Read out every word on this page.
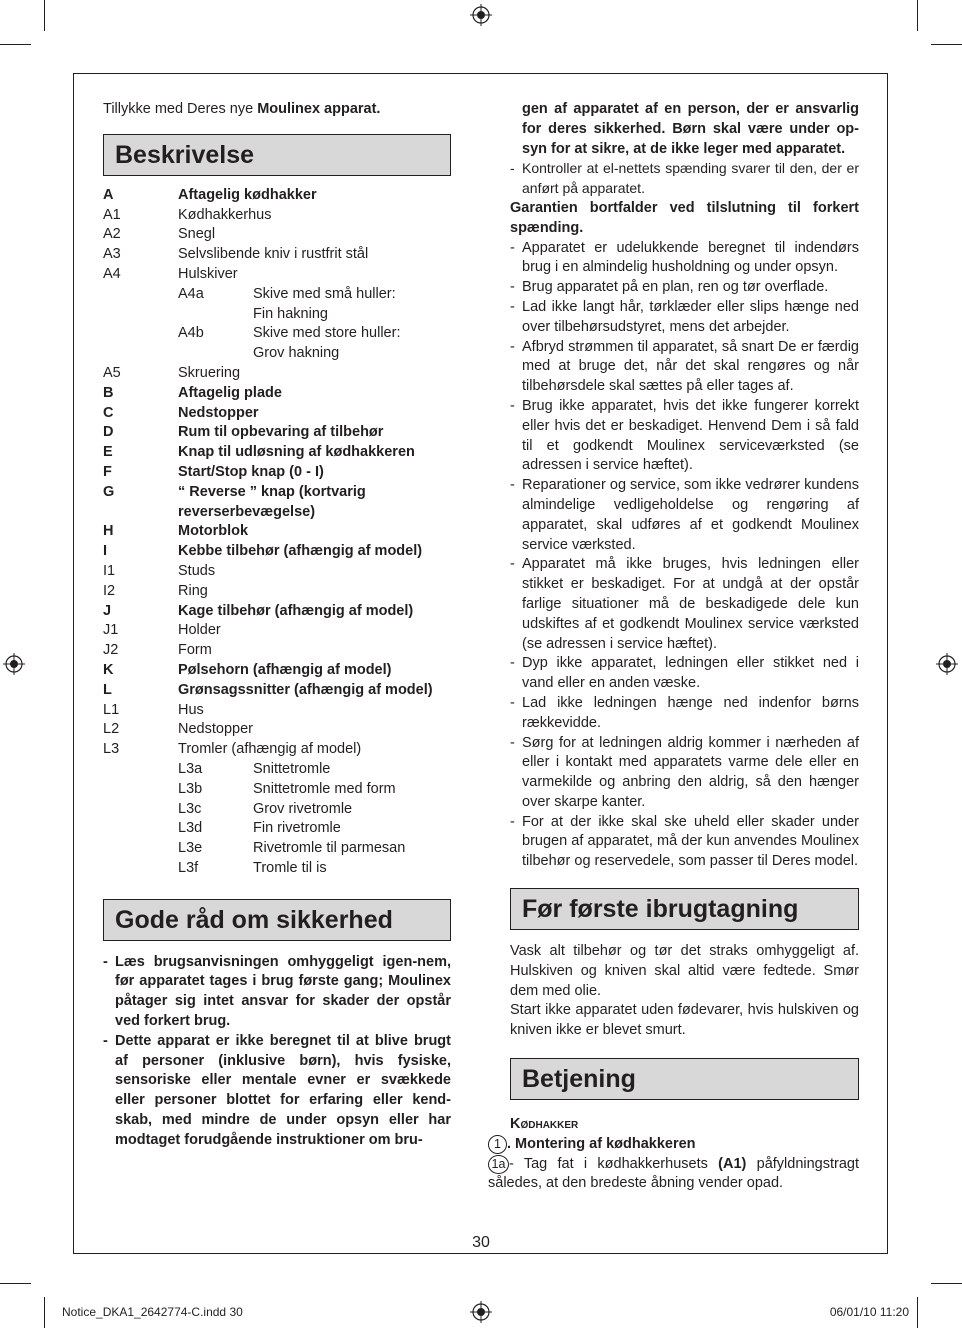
Tillykke med Deres nye Moulinex apparat.

Beskrivelse
A	Aftagelig kødhakker	
A1	Kødhakkerhus	
A2	Snegl	
A3	Selvslibende kniv i rustfrit stål	
A4	Hulskiver	
	A4a	Skive med små huller:
		Fin hakning
	A4b	Skive med store huller:
		Grov hakning
A5	Skruering	
B	Aftagelig plade	
C	Nedstopper	
D	Rum til opbevaring af tilbehør	
E	Knap til udløsning af kødhakkeren	
F	Start/Stop knap (0 - I)	
G	“ Reverse ” knap (kortvarig reverserbevægelse)	
H	Motorblok	
I	Kebbe tilbehør (afhængig af model)	
I1	Studs	
I2	Ring	
J	Kage tilbehør (afhængig af model)	
J1	Holder	
J2	Form	
K	Pølsehorn (afhængig af model)	
L	Grønsagssnitter (afhængig af model)	
L1	Hus	
L2	Nedstopper	
L3	Tromler (afhængig af model)	
	L3a	Snittetromle
	L3b	Snittetromle med form
	L3c	Grov rivetromle
	L3d	Fin rivetromle
	L3e	Rivetromle til parmesan
	L3f	Tromle til is
Gode råd om sikkerhed

- Læs brugsanvisningen omhyggeligt igen-nem, før apparatet tages i brug første gang; Moulinex påtager sig intet ansvar for skader der opstår ved forkert brug.

- Dette apparat er ikke beregnet til at blive brugt af personer (inklusive børn), hvis fysiske, sensoriske eller mentale evner er svækkede eller personer blottet for erfaring eller kend-skab, med mindre de under opsyn eller har modtaget forudgående instruktioner om bru-

gen af apparatet af en person, der er ansvarlig for deres sikkerhed. Børn skal være under op-syn for at sikre, at de ikke leger med apparatet.

- Kontroller at el-nettets spænding svarer til den, der er anført på apparatet.

Garantien bortfalder ved tilslutning til forkert spænding.

- Apparatet er udelukkende beregnet til indendørs brug i en almindelig husholdning og under opsyn.

- Brug apparatet på en plan, ren og tør overflade.

- Lad ikke langt hår, tørklæder eller slips hænge ned over tilbehørsudstyret, mens det arbejder.

- Afbryd strømmen til apparatet, så snart De er færdig med at bruge det, når det skal rengøres og når tilbehørsdele skal sættes på eller tages af.

- Brug ikke apparatet, hvis det ikke fungerer korrekt eller hvis det er beskadiget. Henvend Dem i så fald til et godkendt Moulinex serviceværksted (se adressen i service hæftet).

- Reparationer og service, som ikke vedrører kundens almindelige vedligeholdelse og rengøring af apparatet, skal udføres af et godkendt Moulinex service værksted.

- Apparatet må ikke bruges, hvis ledningen eller stikket er beskadiget. For at undgå at der opstår farlige situationer må de beskadigede dele kun udskiftes af et godkendt Moulinex service værksted (se adressen i service hæftet).

- Dyp ikke apparatet, ledningen eller stikket ned i vand eller en anden væske.

- Lad ikke ledningen hænge ned indenfor børns rækkevidde.

- Sørg for at ledningen aldrig kommer i nærheden af eller i kontakt med apparatets varme dele eller en varmekilde og anbring den aldrig, så den hænger over skarpe kanter.

- For at der ikke skal ske uheld eller skader under brugen af apparatet, må der kun anvendes Moulinex tilbehør og reservedele, som passer til Deres model.

Før første ibrugtagning

Vask alt tilbehør og tør det straks omhyggeligt af. Hulskiven og kniven skal altid være fedtede. Smør dem med olie.

Start ikke apparatet uden fødevarer, hvis hulskiven og kniven ikke er blevet smurt.

Betjening

Kødhakker

1 . Montering af kødhakkeren

1a - Tag fat i kødhakkerhusets (A1) påfyldningstragt således, at den bredeste åbning vender opad.

30
Notice_DKA1_2642774-C.indd 30	06/01/10 11:20
